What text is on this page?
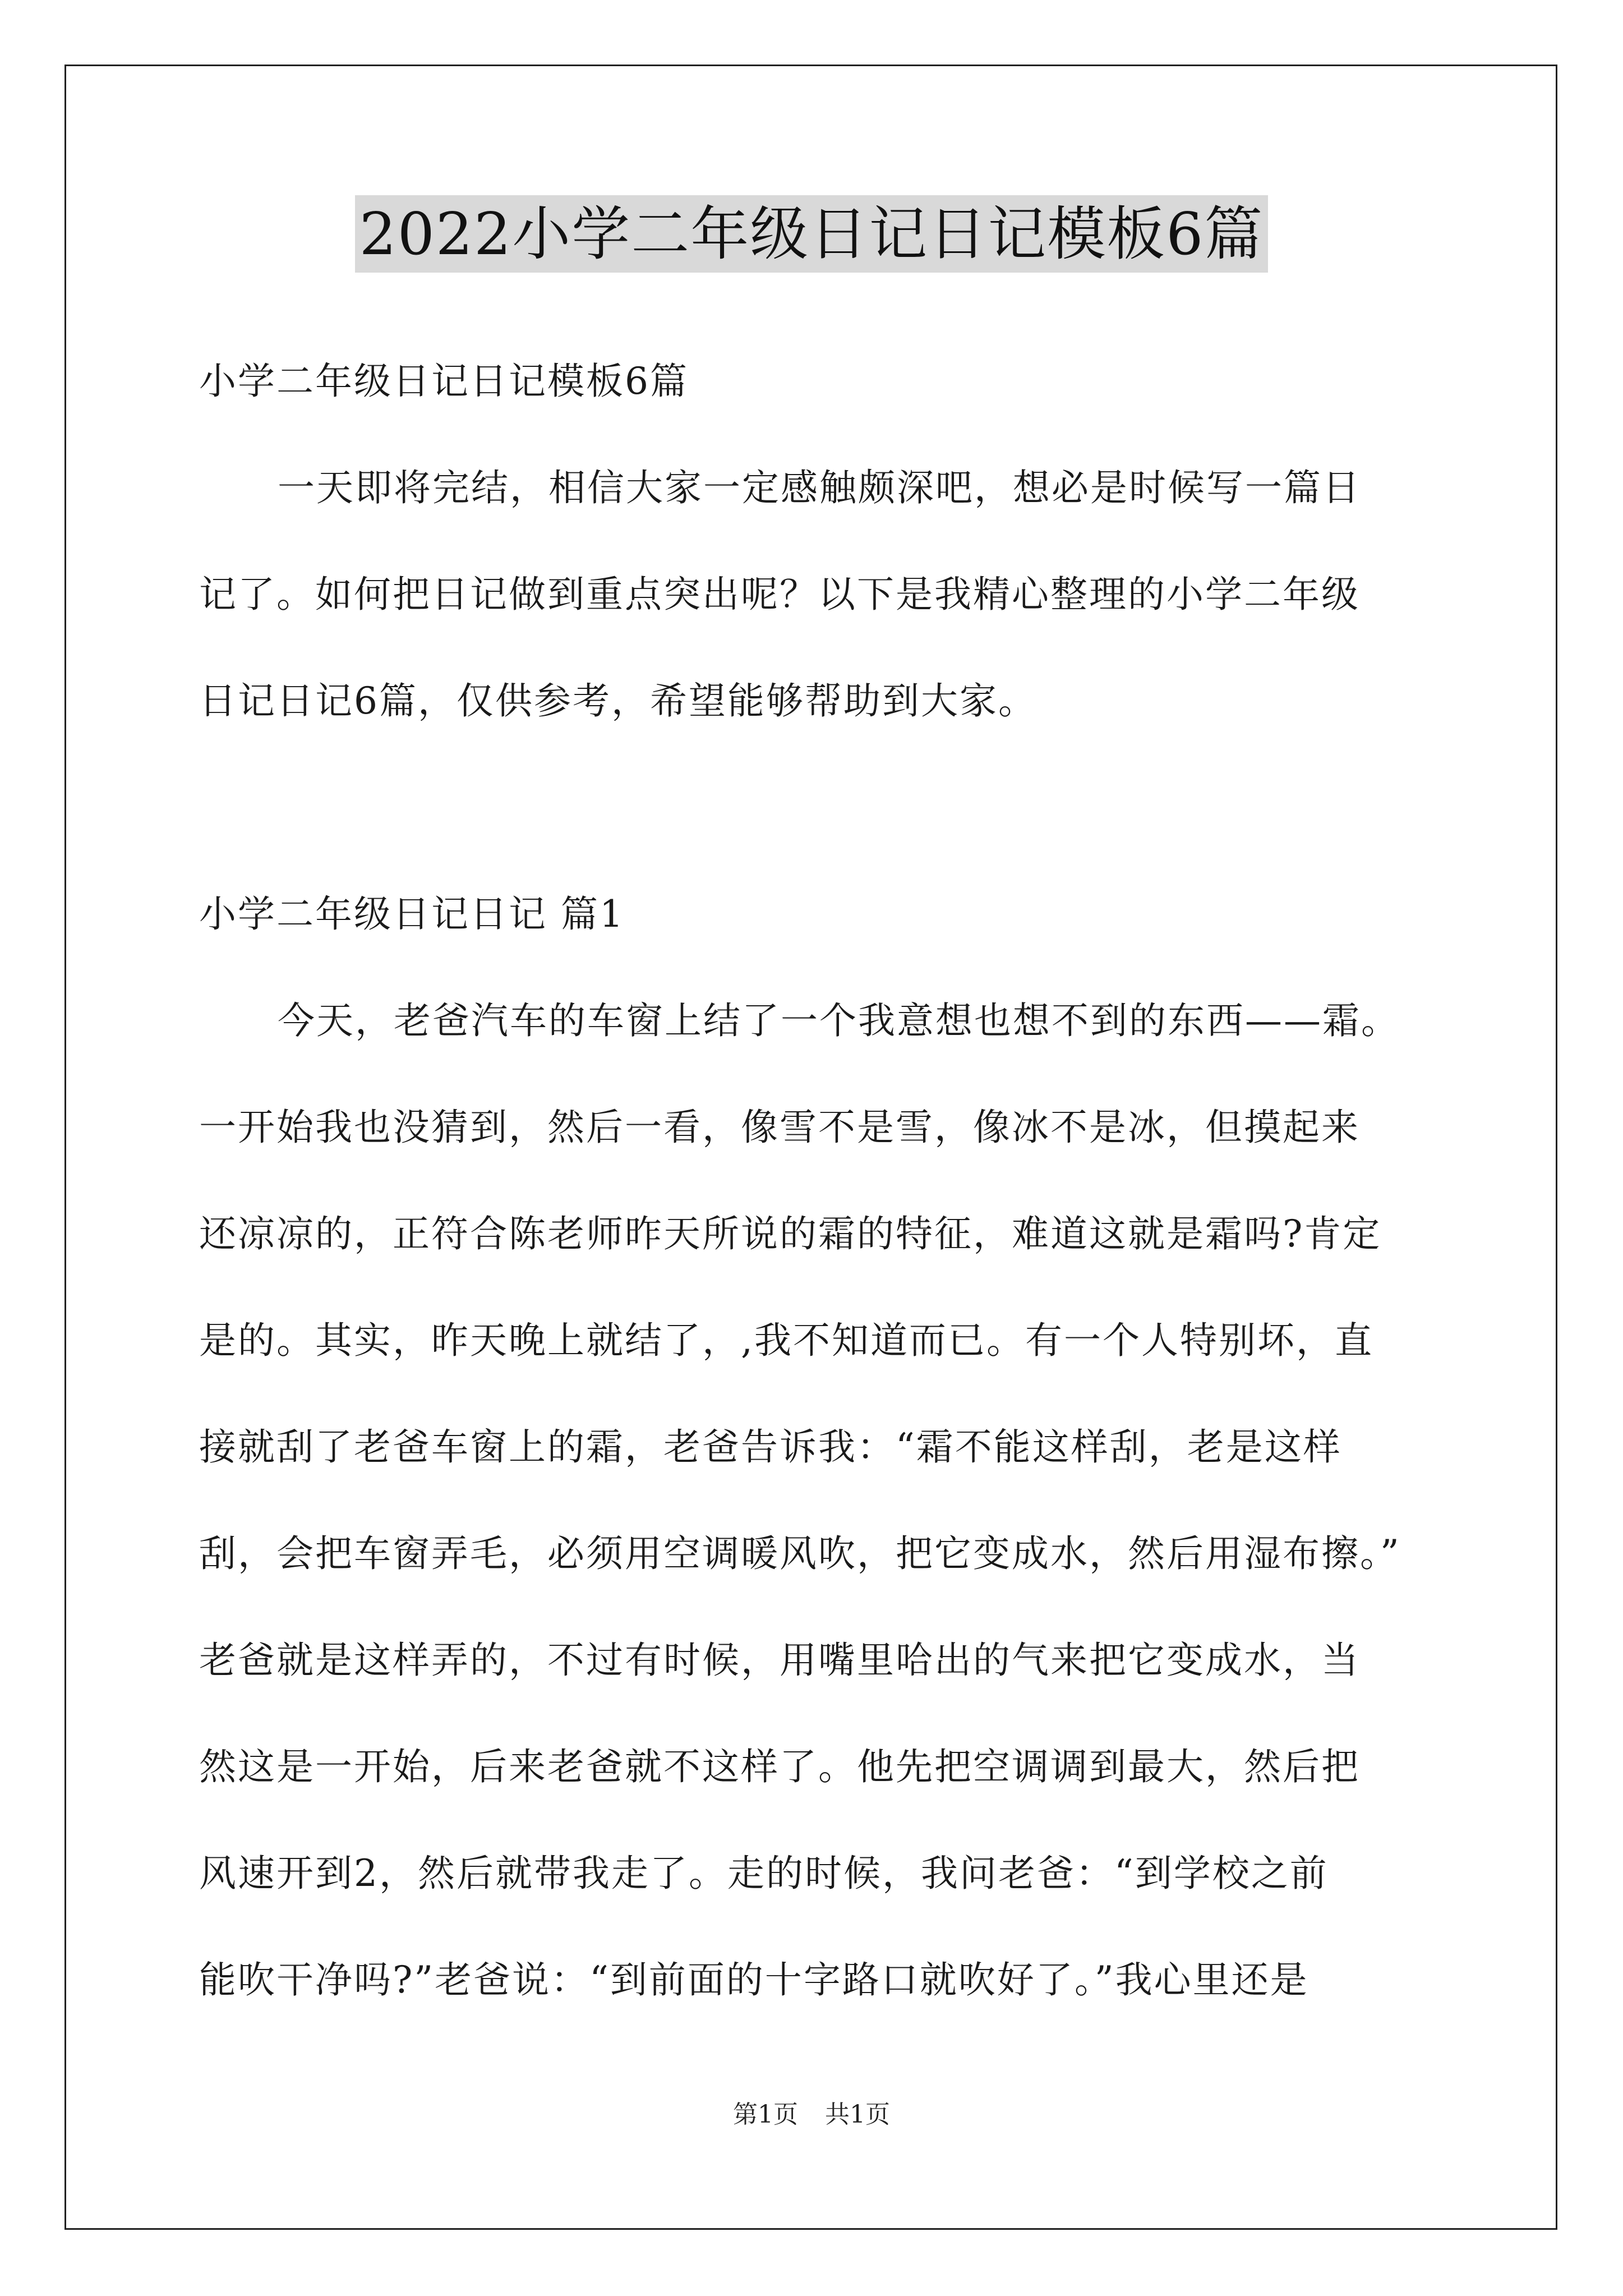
2022小学二年级日记日记模板6篇
小学二年级日记日记模板6篇
一天即将完结，相信大家一定感触颇深吧，想必是时候写一篇日
记了。如何把日记做到重点突出呢？以下是我精心整理的小学二年级
日记日记6篇，仅供参考，希望能够帮助到大家。
小学二年级日记日记 篇1
今天，老爸汽车的车窗上结了一个我意想也想不到的东西——霜。
一开始我也没猜到，然后一看，像雪不是雪，像冰不是冰，但摸起来
还凉凉的，正符合陈老师昨天所说的霜的特征，难道这就是霜吗?肯定
是的。其实，昨天晚上就结了，,我不知道而已。有一个人特别坏，直
接就刮了老爸车窗上的霜，老爸告诉我：“霜不能这样刮，老是这样
刮，会把车窗弄毛，必须用空调暖风吹，把它变成水，然后用湿布擦。”
老爸就是这样弄的，不过有时候，用嘴里哈出的气来把它变成水，当
然这是一开始，后来老爸就不这样了。他先把空调调到最大，然后把
风速开到2，然后就带我走了。走的时候，我问老爸：“到学校之前
能吹干净吗?”老爸说：“到前面的十字路口就吹好了。”我心里还是
第1页 共1页
